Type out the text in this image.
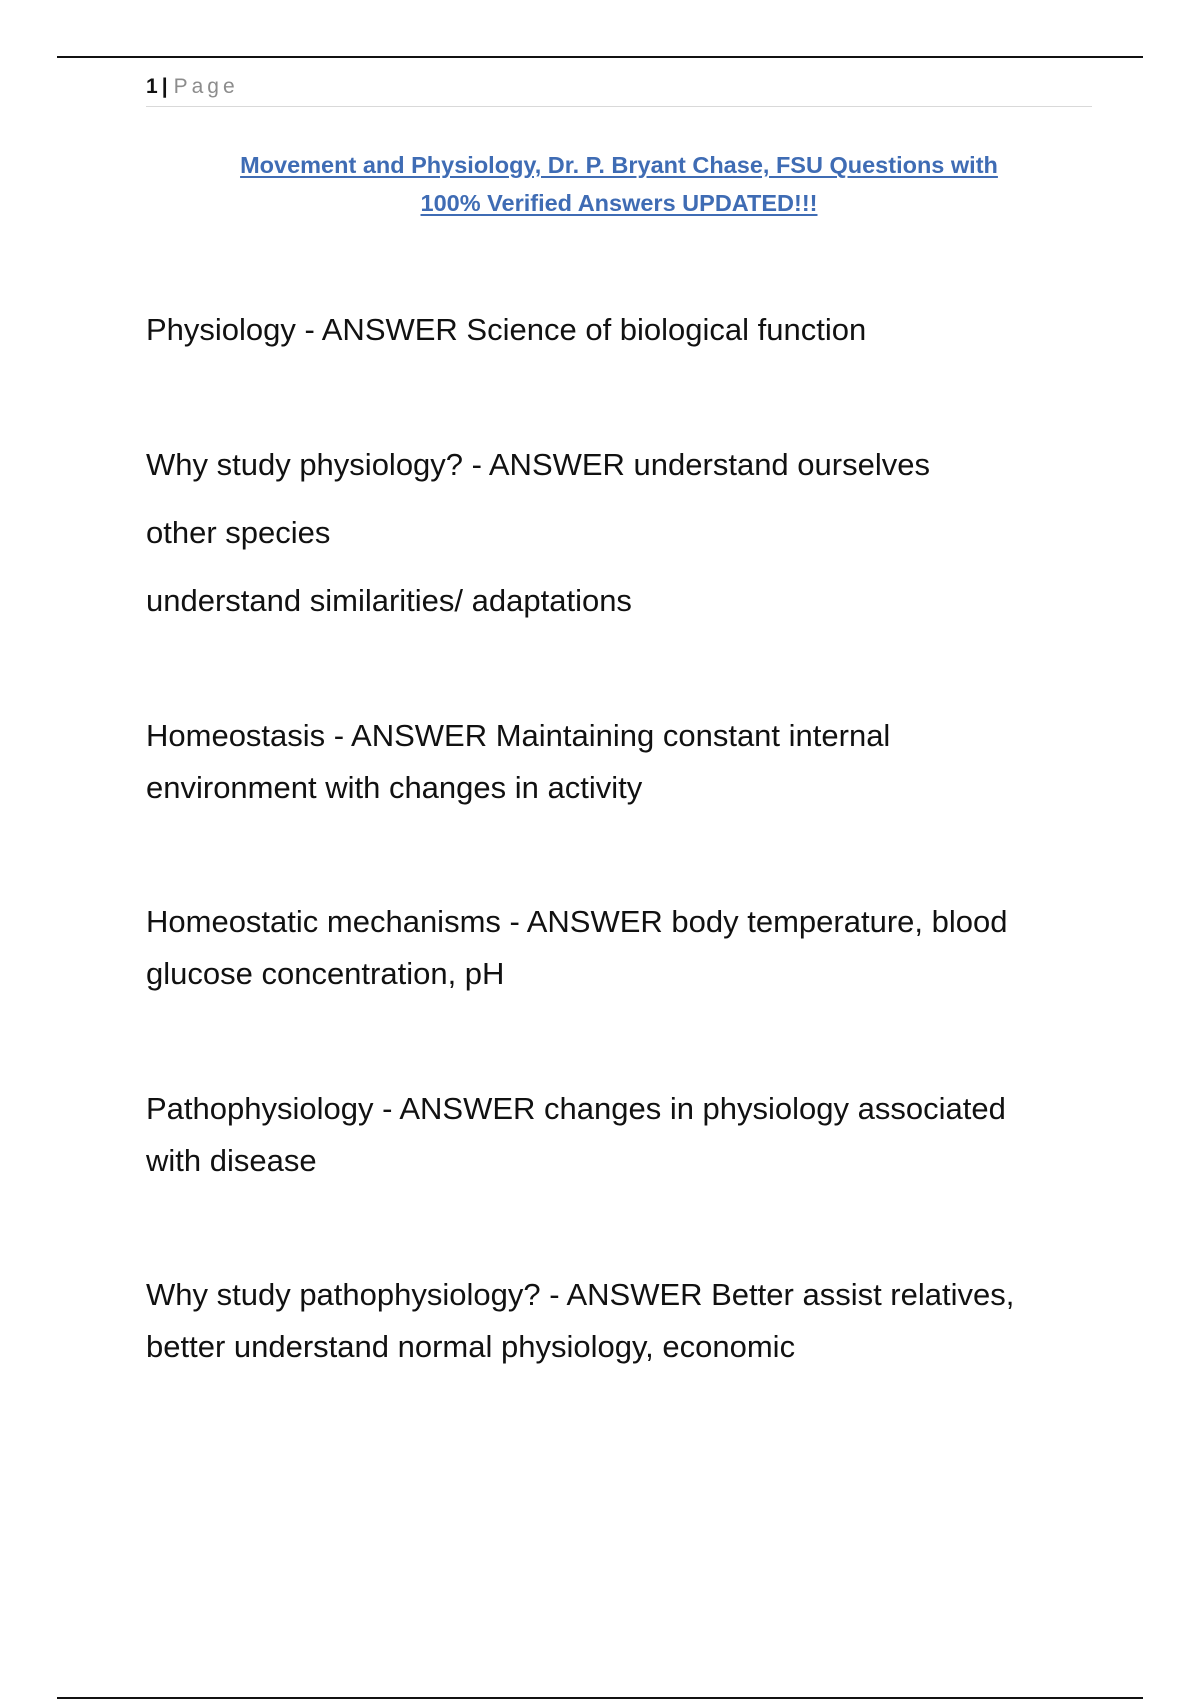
1 | Page
Movement and Physiology, Dr. P. Bryant Chase, FSU Questions with
100% Verified Answers UPDATED!!!

Physiology - ANSWER Science of biological function

Why study physiology? - ANSWER understand ourselves

other species

understand similarities/ adaptations

Homeostasis - ANSWER Maintaining constant internal

environment with changes in activity

Homeostatic mechanisms - ANSWER body temperature, blood

glucose concentration, pH

Pathophysiology - ANSWER changes in physiology associated

with disease

Why study pathophysiology? - ANSWER Better assist relatives,

better understand normal physiology, economic
